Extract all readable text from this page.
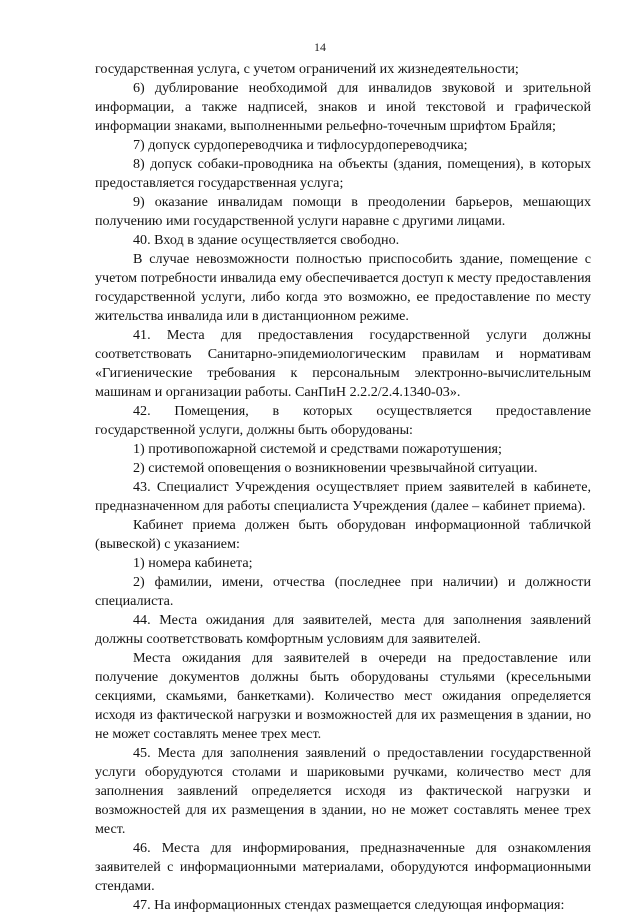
14

государственная услуга, с учетом ограничений их жизнедеятельности;

6) дублирование необходимой для инвалидов звуковой и зрительной информации, а также надписей, знаков и иной текстовой и графической информации знаками, выполненными рельефно-точечным шрифтом Брайля;

7) допуск сурдопереводчика и тифлосурдопереводчика;

8) допуск собаки-проводника на объекты (здания, помещения), в которых предоставляется государственная услуга;

9) оказание инвалидам помощи в преодолении барьеров, мешающих получению ими государственной услуги наравне с другими лицами.

40. Вход в здание осуществляется свободно.

В случае невозможности полностью приспособить здание, помещение с учетом потребности инвалида ему обеспечивается доступ к месту предоставления государственной услуги, либо когда это возможно, ее предоставление по месту жительства инвалида или в дистанционном режиме.

41. Места для предоставления государственной услуги должны соответствовать Санитарно-эпидемиологическим правилам и нормативам «Гигиенические требования к персональным электронно-вычислительным машинам и организации работы. СанПиН 2.2.2/2.4.1340-03».

42. Помещения, в которых осуществляется предоставление государственной услуги, должны быть оборудованы:

1) противопожарной системой и средствами пожаротушения;

2) системой оповещения о возникновении чрезвычайной ситуации.

43. Специалист Учреждения осуществляет прием заявителей в кабинете, предназначенном для работы специалиста Учреждения (далее – кабинет приема).

Кабинет приема должен быть оборудован информационной табличкой (вывеской) с указанием:

1) номера кабинета;

2) фамилии, имени, отчества (последнее при наличии) и должности специалиста.

44. Места ожидания для заявителей, места для заполнения заявлений должны соответствовать комфортным условиям для заявителей.

Места ожидания для заявителей в очереди на предоставление или получение документов должны быть оборудованы стульями (кресельными секциями, скамьями, банкетками). Количество мест ожидания определяется исходя из фактической нагрузки и возможностей для их размещения в здании, но не может составлять менее трех мест.

45. Места для заполнения заявлений о предоставлении государственной услуги оборудуются столами и шариковыми ручками, количество мест для заполнения заявлений определяется исходя из фактической нагрузки и возможностей для их размещения в здании, но не может составлять менее трех мест.

46. Места для информирования, предназначенные для ознакомления заявителей с информационными материалами, оборудуются информационными стендами.

47. На информационных стендах размещается следующая информация:
